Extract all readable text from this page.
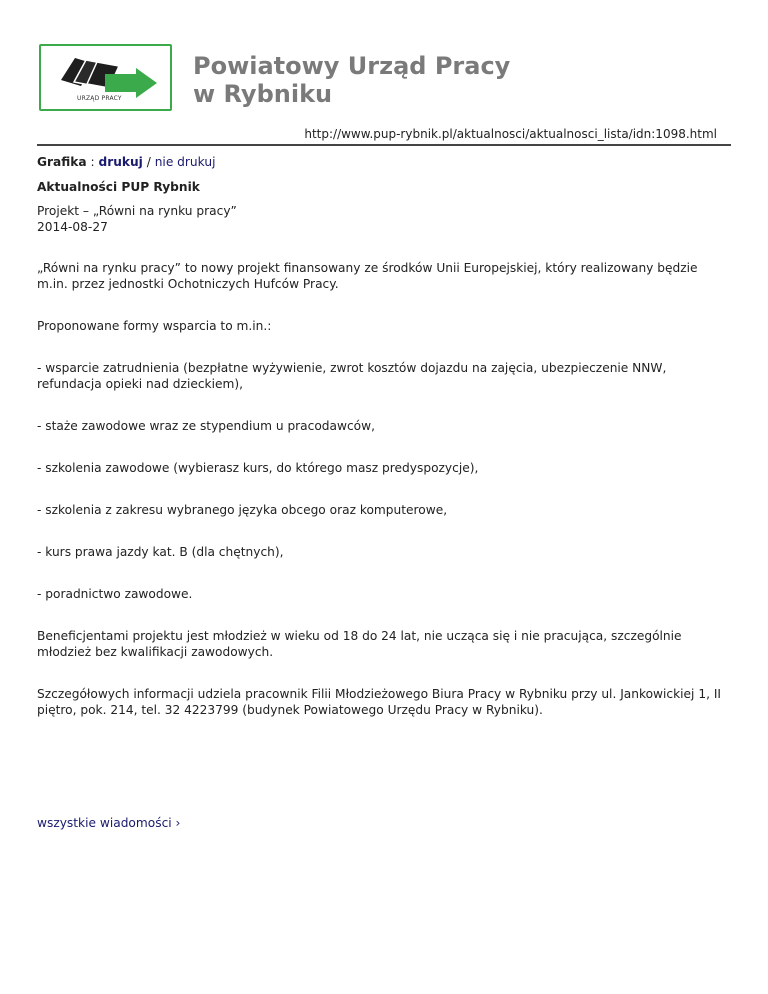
URZĄD PRACY
Powiatowy Urząd Pracy
w Rybniku
http://www.pup-rybnik.pl/aktualnosci/aktualnosci_lista/idn:1098.html
Grafika : drukuj / nie drukuj
Aktualności PUP Rybnik
Projekt – „Równi na rynku pracy”
2014-08-27
„Równi na rynku pracy” to nowy projekt finansowany ze środków Unii Europejskiej, który realizowany będzie m.in. przez jednostki Ochotniczych Hufców Pracy.
Proponowane formy wsparcia to m.in.:
- wsparcie zatrudnienia (bezpłatne wyżywienie, zwrot kosztów dojazdu na zajęcia, ubezpieczenie NNW, refundacja opieki nad dzieckiem),
- staże zawodowe wraz ze stypendium u pracodawców,
- szkolenia zawodowe (wybierasz kurs, do którego masz predyspozycje),
- szkolenia z zakresu wybranego języka obcego oraz komputerowe,
- kurs prawa jazdy kat. B (dla chętnych),
- poradnictwo zawodowe.
Beneficjentami projektu jest młodzież w wieku od 18 do 24 lat, nie ucząca się i nie pracująca, szczególnie młodzież bez kwalifikacji zawodowych.
Szczegółowych informacji udziela pracownik Filii Młodzieżowego Biura Pracy w Rybniku przy ul. Jankowickiej 1, II piętro, pok. 214, tel. 32 4223799 (budynek Powiatowego Urzędu Pracy w Rybniku).
wszystkie wiadomości ›
